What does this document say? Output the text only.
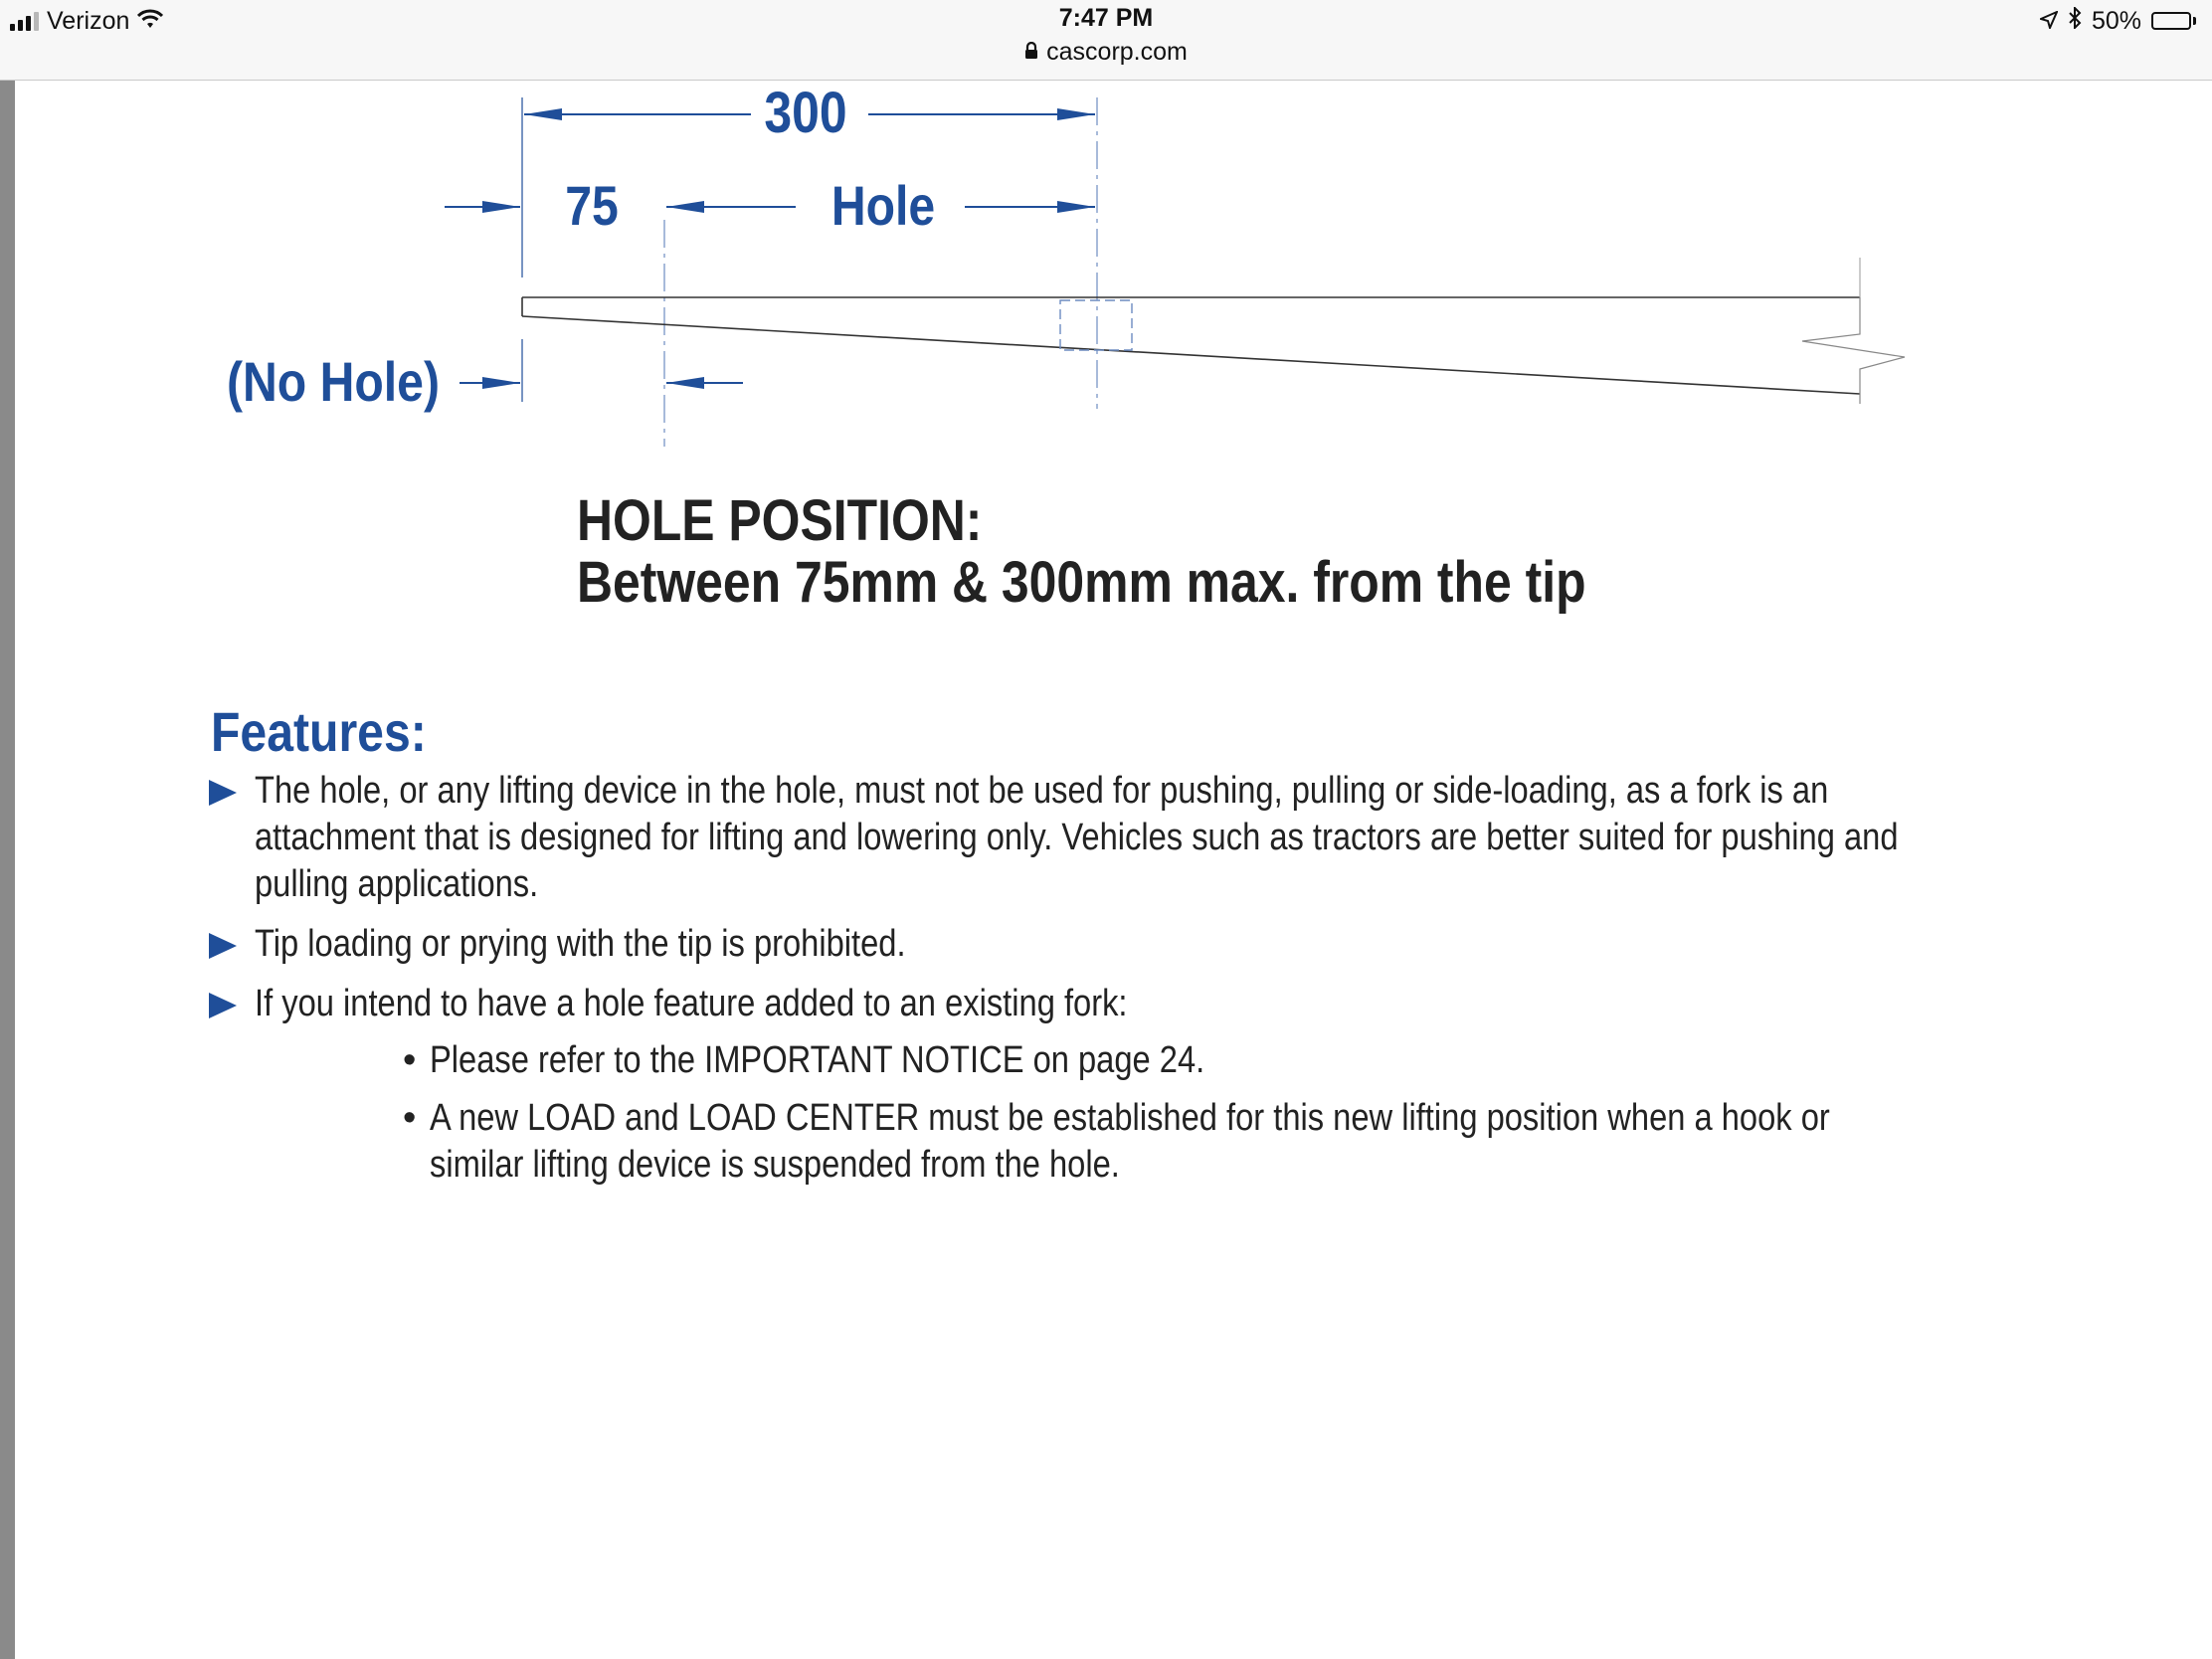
Verizon	7:47 PM
cascorp.com
50%
300
75	Hole
(No Hole)
HOLE POSITION:
Between 75mm & 300mm max. from the tip
Features:
The hole, or any lifting device in the hole, must not be used for pushing, pulling or side-loading, as a fork is an attachment that is designed for lifting and lowering only. Vehicles such as tractors are better suited for pushing and pulling applications.
Tip loading or prying with the tip is prohibited.
If you intend to have a hole feature added to an existing fork:
• Please refer to the IMPORTANT NOTICE on page 24.
• A new LOAD and LOAD CENTER must be established for this new lifting position when a hook or similar lifting device is suspended from the hole.
